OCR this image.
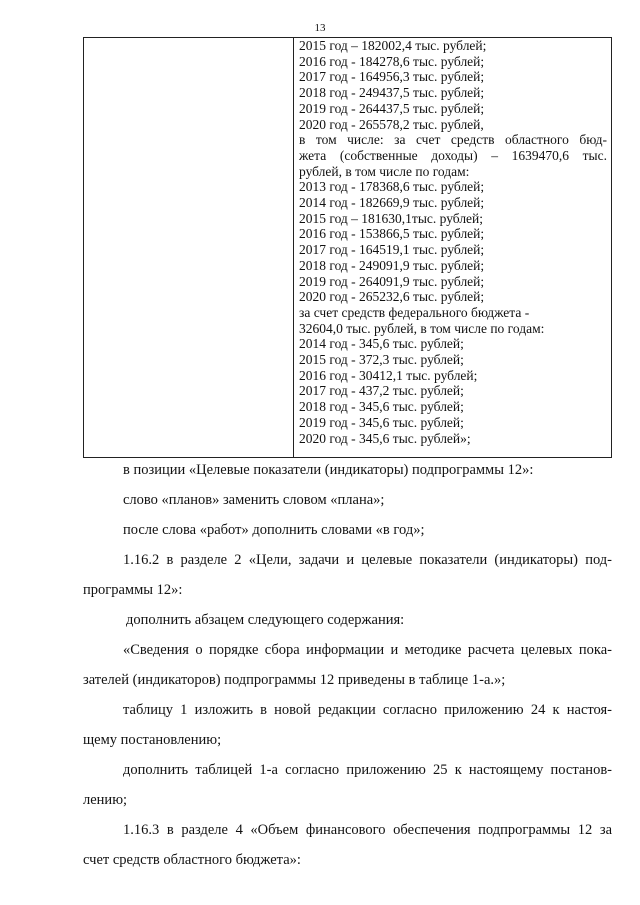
13
2015 год – 182002,4 тыс. рублей;
2016 год - 184278,6 тыс. рублей;
2017 год - 164956,3 тыс. рублей;
2018 год - 249437,5 тыс. рублей;
2019 год - 264437,5 тыс. рублей;
2020 год - 265578,2 тыс. рублей,
в том числе: за счет средств областного бюд-
жета (собственные доходы) – 1639470,6 тыс.
рублей, в том числе по годам:
2013 год - 178368,6 тыс. рублей;
2014 год - 182669,9 тыс. рублей;
2015 год – 181630,1тыс. рублей;
2016 год - 153866,5 тыс. рублей;
2017 год - 164519,1 тыс. рублей;
2018 год - 249091,9 тыс. рублей;
2019 год - 264091,9 тыс. рублей;
2020 год - 265232,6 тыс. рублей;
за счет средств федерального бюджета -
32604,0 тыс. рублей, в том числе по годам:
2014 год - 345,6 тыс. рублей;
2015 год - 372,3 тыс. рублей;
2016 год - 30412,1 тыс. рублей;
2017 год - 437,2 тыс. рублей;
2018 год - 345,6 тыс. рублей;
2019 год - 345,6 тыс. рублей;
2020 год - 345,6 тыс. рублей»;
в позиции «Целевые показатели (индикаторы) подпрограммы 12»:
слово «планов» заменить словом «плана»;
после слова «работ» дополнить словами «в год»;
1.16.2 в разделе 2 «Цели, задачи и целевые показатели (индикаторы) под-
программы 12»:
дополнить абзацем следующего содержания:
«Сведения о порядке сбора информации и методике расчета целевых пока-
зателей (индикаторов) подпрограммы 12 приведены в таблице 1-а.»;
таблицу 1 изложить в новой редакции согласно приложению 24 к настоя-
щему постановлению;
дополнить таблицей 1-а согласно приложению 25 к настоящему постанов-
лению;
1.16.3 в разделе 4 «Объем финансового обеспечения подпрограммы 12 за
счет средств областного бюджета»:
